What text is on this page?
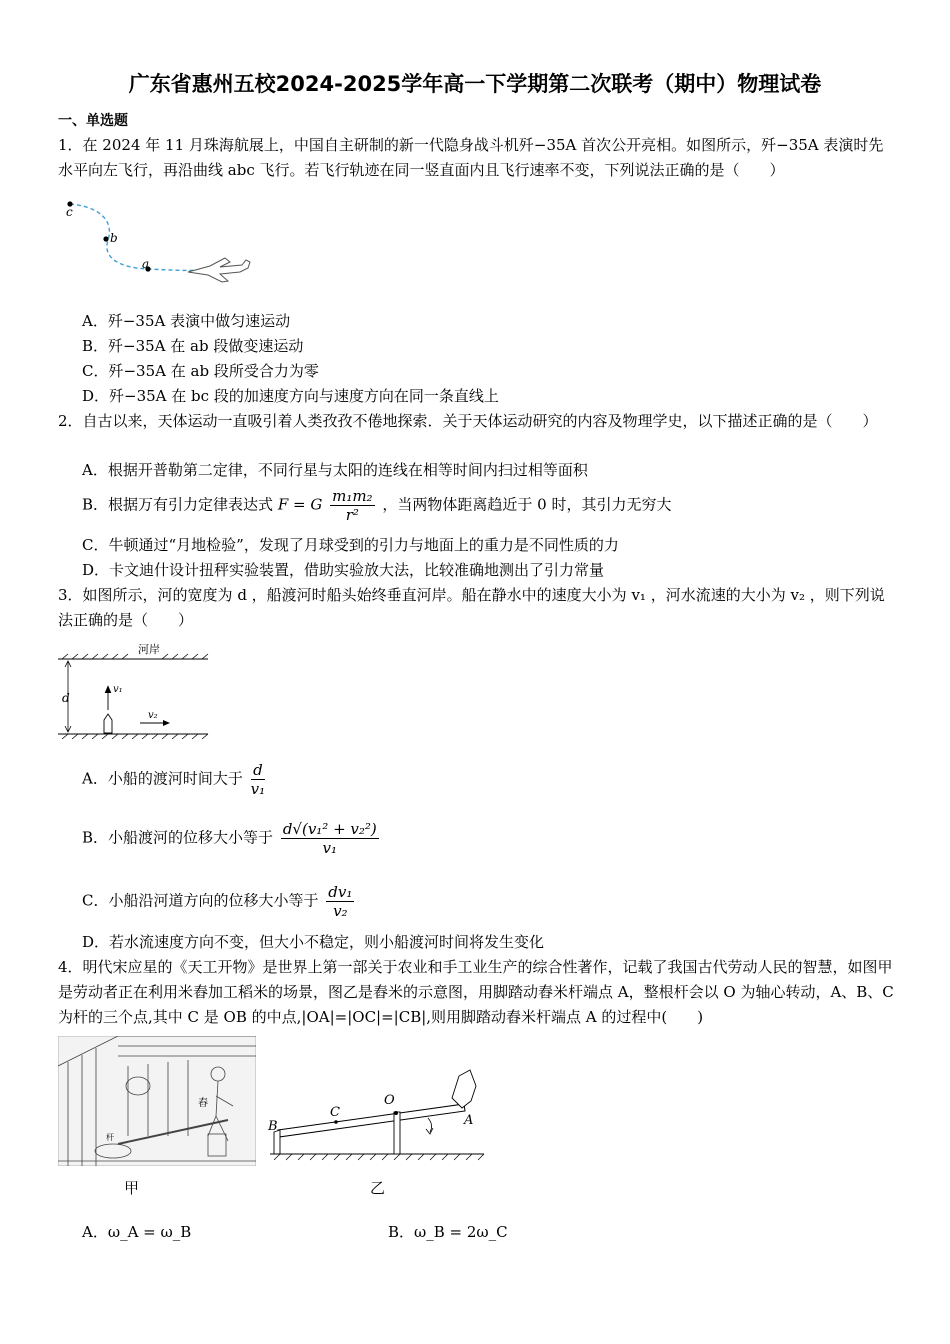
广东省惠州五校2024-2025学年高一下学期第二次联考（期中）物理试卷
一、单选题
1．在 2024 年 11 月珠海航展上，中国自主研制的新一代隐身战斗机歼−35A 首次公开亮相。如图所示，歼−35A 表演时先水平向左飞行，再沿曲线 abc 飞行。若飞行轨迹在同一竖直面内且飞行速率不变，下列说法正确的是（　　）
c
b
a
A．歼−35A 表演中做匀速运动
B．歼−35A 在 ab 段做变速运动
C．歼−35A 在 ab 段所受合力为零
D．歼−35A 在 bc 段的加速度方向与速度方向在同一条直线上
2．自古以来，天体运动一直吸引着人类孜孜不倦地探索．关于天体运动研究的内容及物理学史，以下描述正确的是（　　）
A．根据开普勒第二定律，不同行星与太阳的连线在相等时间内扫过相等面积
B．根据万有引力定律表达式 F = G $\frac{\text{m₁m₂}}{\text{r²}}$ ，当两物体距离趋近于 0 时，其引力无穷大
C．牛顿通过“月地检验”，发现了月球受到的引力与地面上的重力是不同性质的力
D．卡文迪什设计扭秤实验装置，借助实验放大法，比较准确地测出了引力常量
3．如图所示，河的宽度为 d ，船渡河时船头始终垂直河岸。船在静水中的速度大小为 v₁ ，河水流速的大小为 v₂ ，则下列说法正确的是（　　）
河岸
d
v₁
v₂
A．小船的渡河时间大于 $\frac{d}{\text{v₁}}$
B．小船渡河的位移大小等于 $\frac{\text{d√(v₁² + v₂²)}}{\text{v₁}}$
C．小船沿河道方向的位移大小等于 $\frac{\text{dv₁}}{\text{v₂}}$
D．若水流速度方向不变，但大小不稳定，则小船渡河时间将发生变化
4．明代宋应星的《天工开物》是世界上第一部关于农业和手工业生产的综合性著作，记载了我国古代劳动人民的智慧，如图甲是劳动者正在利用米舂加工稻米的场景，图乙是舂米的示意图，用脚踏动舂米杆端点 A，整根杆会以 O 为轴心转动，A、B、C 为杆的三个点,其中 C 是 OB 的中点,|OA|=|OC|=|CB|,则用脚踏动舂米杆端点 A 的过程中(　　)
舂
杆
甲
B
C
O
A
乙
A．ω_A = ω_B	B．ω_B = 2ω_C
